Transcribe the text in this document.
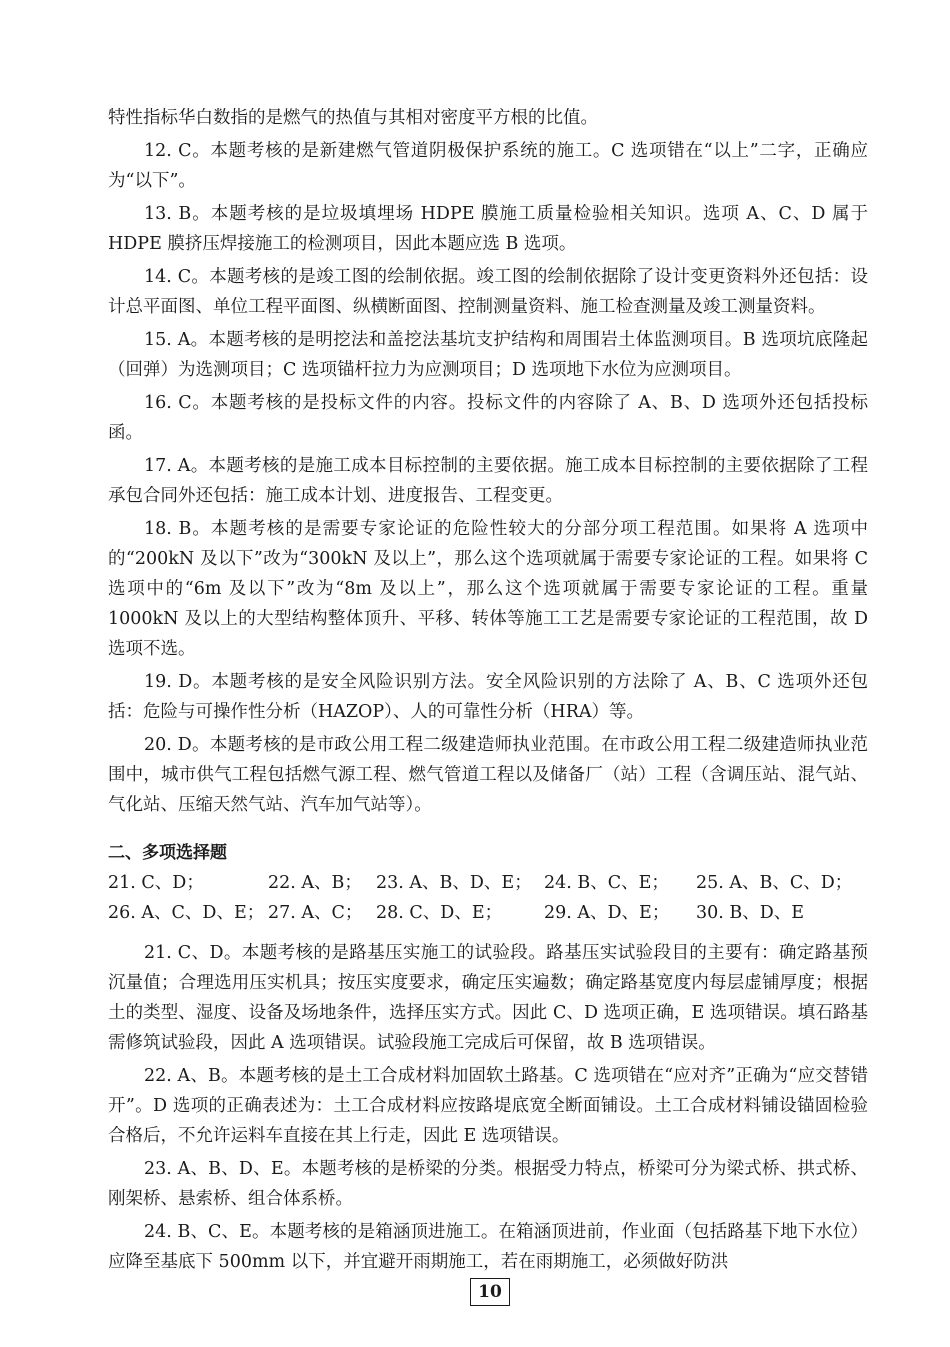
特性指标华白数指的是燃气的热值与其相对密度平方根的比值。

12. C。本题考核的是新建燃气管道阴极保护系统的施工。C 选项错在“以上”二字，正确应为“以下”。

13. B。本题考核的是垃圾填埋场 HDPE 膜施工质量检验相关知识。选项 A、C、D 属于 HDPE 膜挤压焊接施工的检测项目，因此本题应选 B 选项。

14. C。本题考核的是竣工图的绘制依据。竣工图的绘制依据除了设计变更资料外还包括：设计总平面图、单位工程平面图、纵横断面图、控制测量资料、施工检查测量及竣工测量资料。

15. A。本题考核的是明挖法和盖挖法基坑支护结构和周围岩土体监测项目。B 选项坑底隆起（回弹）为选测项目；C 选项锚杆拉力为应测项目；D 选项地下水位为应测项目。

16. C。本题考核的是投标文件的内容。投标文件的内容除了 A、B、D 选项外还包括投标函。

17. A。本题考核的是施工成本目标控制的主要依据。施工成本目标控制的主要依据除了工程承包合同外还包括：施工成本计划、进度报告、工程变更。

18. B。本题考核的是需要专家论证的危险性较大的分部分项工程范围。如果将 A 选项中的“200kN 及以下”改为“300kN 及以上”，那么这个选项就属于需要专家论证的工程。如果将 C 选项中的“6m 及以下”改为“8m 及以上”，那么这个选项就属于需要专家论证的工程。重量 1000kN 及以上的大型结构整体顶升、平移、转体等施工工艺是需要专家论证的工程范围，故 D 选项不选。

19. D。本题考核的是安全风险识别方法。安全风险识别的方法除了 A、B、C 选项外还包括：危险与可操作性分析（HAZOP）、人的可靠性分析（HRA）等。

20. D。本题考核的是市政公用工程二级建造师执业范围。在市政公用工程二级建造师执业范围中，城市供气工程包括燃气源工程、燃气管道工程以及储备厂（站）工程（含调压站、混气站、气化站、压缩天然气站、汽车加气站等）。

二、多项选择题
21. C、D；	22. A、B； 23. A、B、D、E； 24. B、C、E；	25. A、B、C、D；
26. A、C、D、E； 27. A、C； 28. C、D、E；	29. A、D、E；	30. B、D、E

21. C、D。本题考核的是路基压实施工的试验段。路基压实试验段目的主要有：确定路基预沉量值；合理选用压实机具；按压实度要求，确定压实遍数；确定路基宽度内每层虚铺厚度；根据土的类型、湿度、设备及场地条件，选择压实方式。因此 C、D 选项正确，E 选项错误。填石路基需修筑试验段，因此 A 选项错误。试验段施工完成后可保留，故 B 选项错误。

22. A、B。本题考核的是土工合成材料加固软土路基。C 选项错在“应对齐”正确为“应交替错开”。D 选项的正确表述为：土工合成材料应按路堤底宽全断面铺设。土工合成材料铺设锚固检验合格后，不允许运料车直接在其上行走，因此 E 选项错误。

23. A、B、D、E。本题考核的是桥梁的分类。根据受力特点，桥梁可分为梁式桥、拱式桥、刚架桥、悬索桥、组合体系桥。

24. B、C、E。本题考核的是箱涵顶进施工。在箱涵顶进前，作业面（包括路基下地下水位）应降至基底下 500mm 以下，并宜避开雨期施工，若在雨期施工，必须做好防洪

10
